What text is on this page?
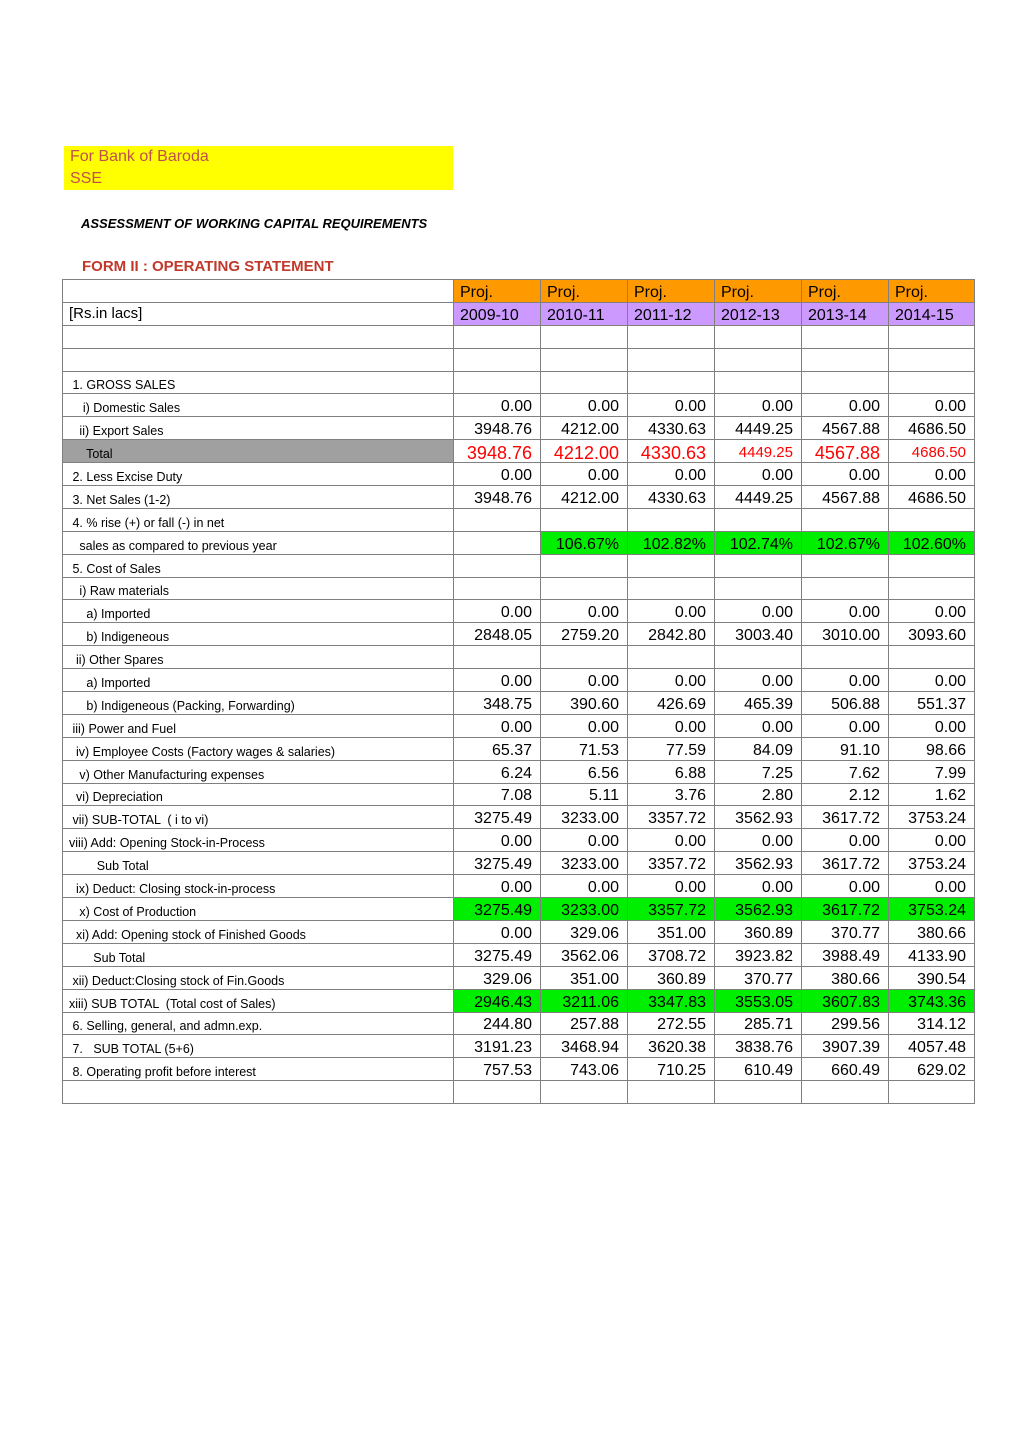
For Bank of Baroda
SSE
ASSESSMENT OF WORKING CAPITAL REQUIREMENTS
FORM II : OPERATING STATEMENT
	Proj.	Proj.	Proj.	Proj.	Proj.	Proj.
[Rs.in lacs]	2009-10	2010-11	2011-12	2012-13	2013-14	2014-15

1. GROSS SALES						
i) Domestic Sales	0.00	0.00	0.00	0.00	0.00	0.00
ii) Export Sales	3948.76	4212.00	4330.63	4449.25	4567.88	4686.50
Total	3948.76	4212.00	4330.63	4449.25	4567.88	4686.50
2. Less Excise Duty	0.00	0.00	0.00	0.00	0.00	0.00
3. Net Sales (1-2)	3948.76	4212.00	4330.63	4449.25	4567.88	4686.50
4. % rise (+) or fall (-) in net						
sales as compared to previous year		106.67%	102.82%	102.74%	102.67%	102.60%
5. Cost of Sales						
i) Raw materials						
a) Imported	0.00	0.00	0.00	0.00	0.00	0.00
b) Indigeneous	2848.05	2759.20	2842.80	3003.40	3010.00	3093.60
ii) Other Spares						
a) Imported	0.00	0.00	0.00	0.00	0.00	0.00
b) Indigeneous (Packing, Forwarding)	348.75	390.60	426.69	465.39	506.88	551.37
iii) Power and Fuel	0.00	0.00	0.00	0.00	0.00	0.00
iv) Employee Costs (Factory wages & salaries)	65.37	71.53	77.59	84.09	91.10	98.66
v) Other Manufacturing expenses	6.24	6.56	6.88	7.25	7.62	7.99
vi) Depreciation	7.08	5.11	3.76	2.80	2.12	1.62
vii) SUB-TOTAL  ( i to vi)	3275.49	3233.00	3357.72	3562.93	3617.72	3753.24
viii) Add: Opening Stock-in-Process	0.00	0.00	0.00	0.00	0.00	0.00
Sub Total	3275.49	3233.00	3357.72	3562.93	3617.72	3753.24
ix) Deduct: Closing stock-in-process	0.00	0.00	0.00	0.00	0.00	0.00
x) Cost of Production	3275.49	3233.00	3357.72	3562.93	3617.72	3753.24
xi) Add: Opening stock of Finished Goods	0.00	329.06	351.00	360.89	370.77	380.66
Sub Total	3275.49	3562.06	3708.72	3923.82	3988.49	4133.90
xii) Deduct:Closing stock of Fin.Goods	329.06	351.00	360.89	370.77	380.66	390.54
xiii) SUB TOTAL  (Total cost of Sales)	2946.43	3211.06	3347.83	3553.05	3607.83	3743.36
6. Selling, general, and admn.exp.	244.80	257.88	272.55	285.71	299.56	314.12
7.   SUB TOTAL (5+6)	3191.23	3468.94	3620.38	3838.76	3907.39	4057.48
8. Operating profit before interest	757.53	743.06	710.25	610.49	660.49	629.02
